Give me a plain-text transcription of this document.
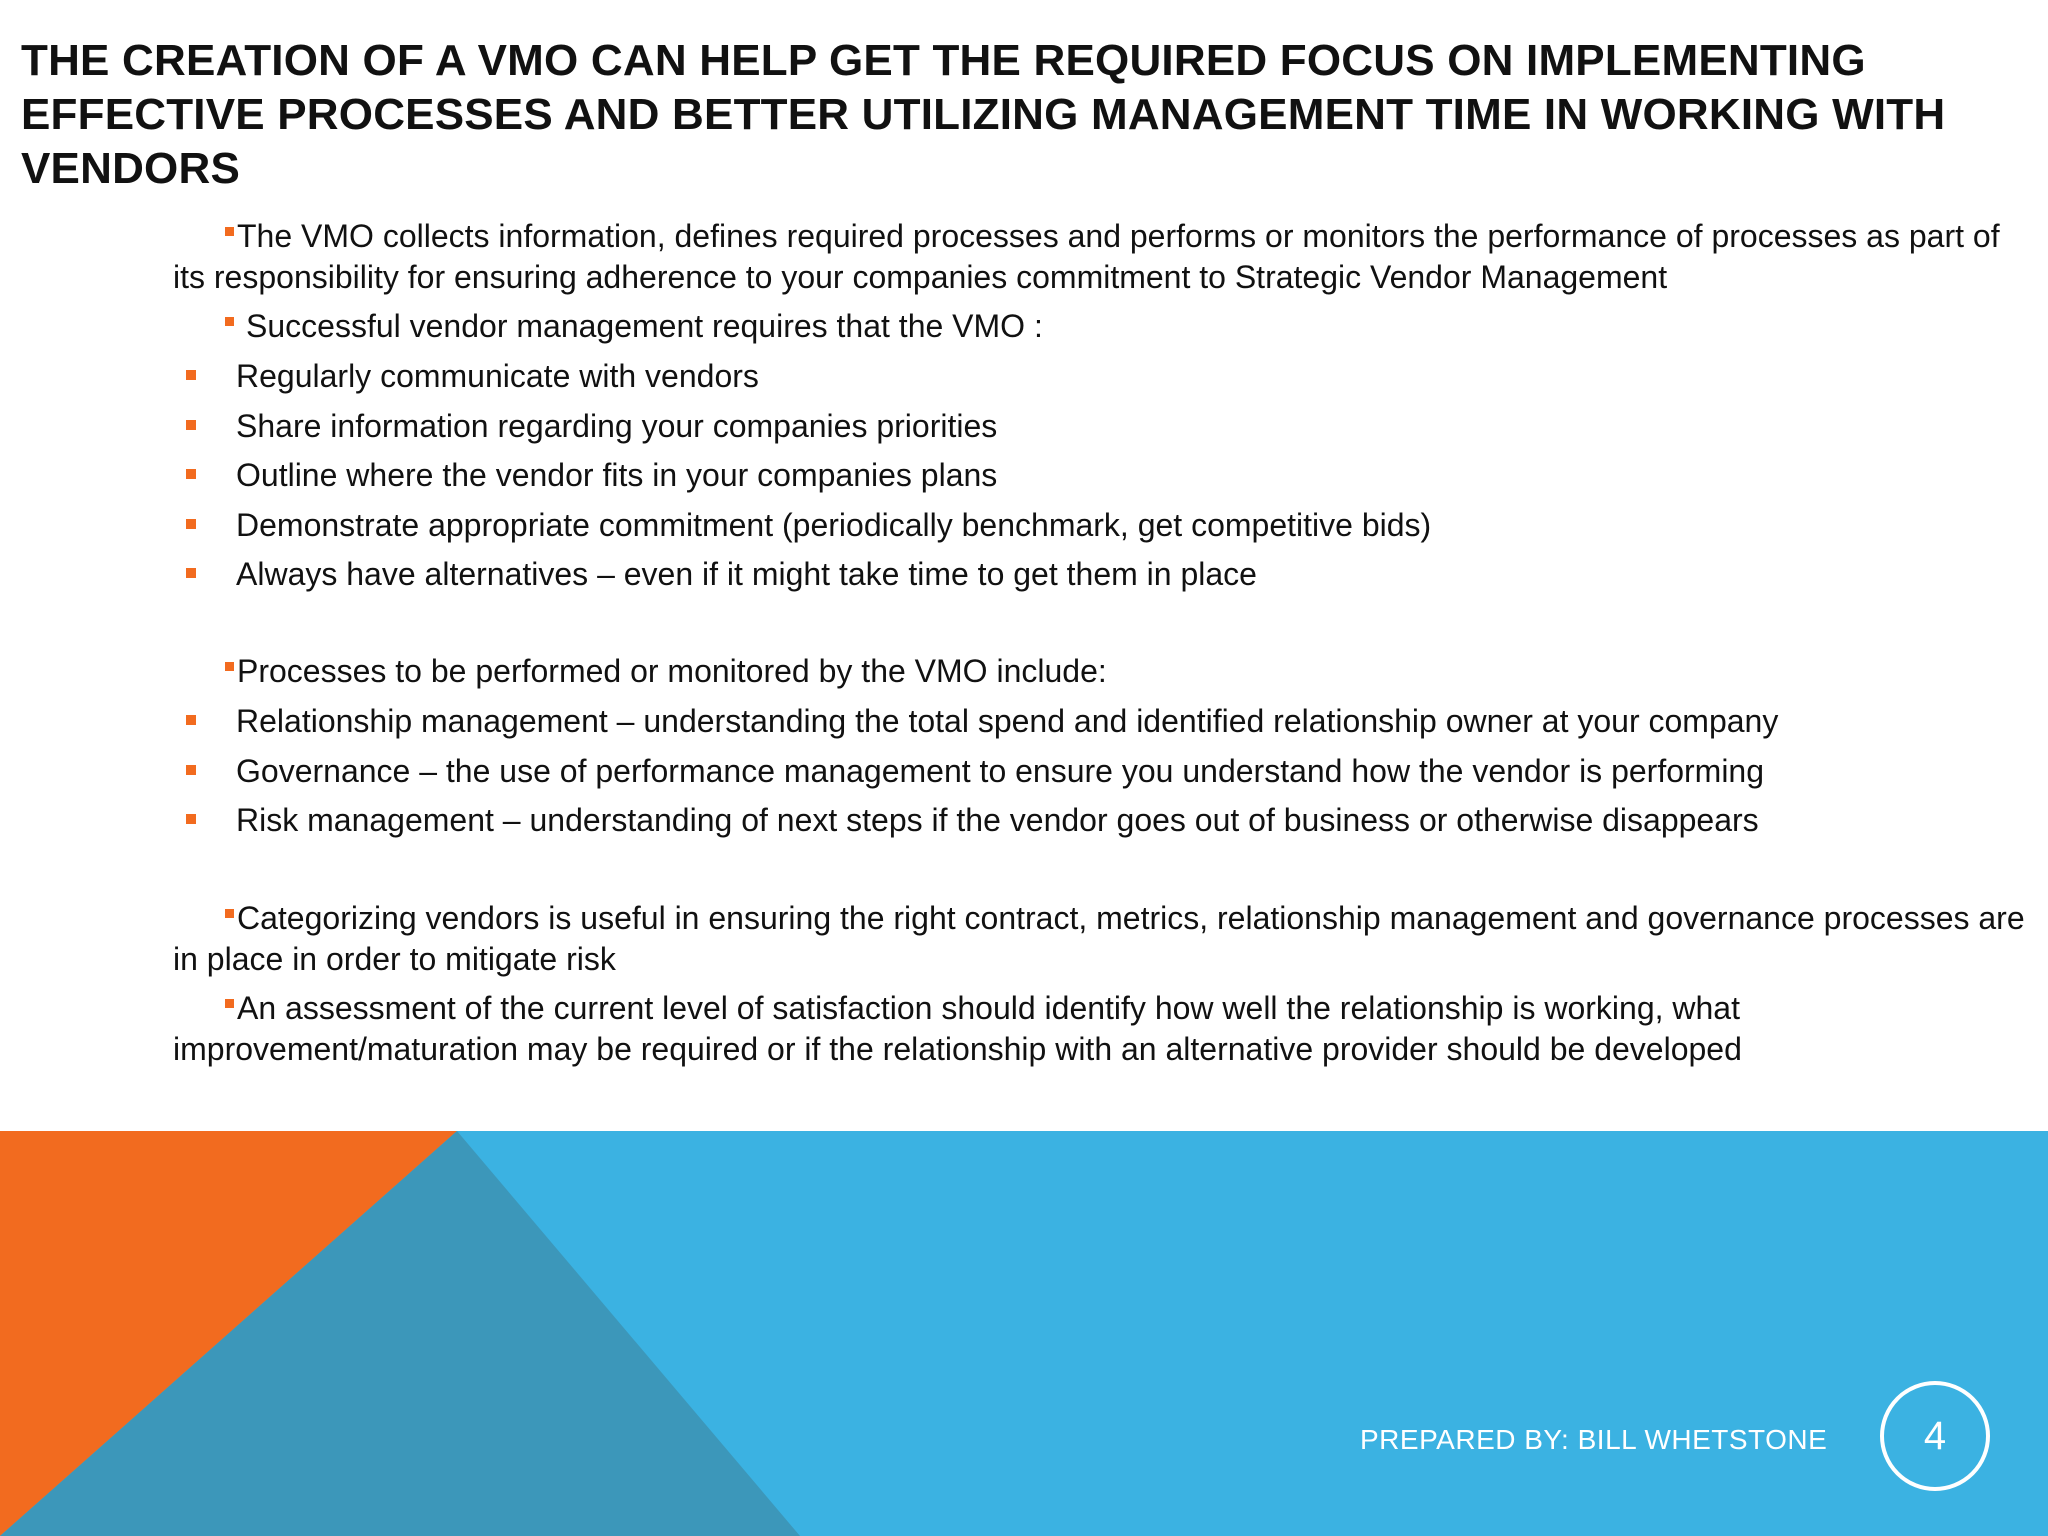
THE CREATION OF A VMO CAN HELP GET THE REQUIRED FOCUS ON IMPLEMENTING EFFECTIVE PROCESSES AND BETTER UTILIZING MANAGEMENT TIME IN WORKING WITH VENDORS

The VMO collects information, defines required processes and performs or monitors the performance of processes as part of its responsibility for ensuring adherence to your companies commitment to Strategic Vendor Management

Successful vendor management requires that the VMO :

Regularly communicate with vendors
Share information regarding your companies priorities
Outline where the vendor fits in your companies plans
Demonstrate appropriate commitment (periodically benchmark, get competitive bids)
Always have alternatives – even if it might take time to get them in place

Processes to be performed or monitored by the VMO include:

Relationship management – understanding the total spend and identified relationship owner at your company
Governance – the use of performance management to ensure you understand how the vendor is performing
Risk management – understanding of next steps if the vendor goes out of business or otherwise disappears

Categorizing vendors is useful in ensuring the right contract, metrics, relationship management and governance processes are in place in order to mitigate risk

An assessment of the current level of satisfaction should identify how well the relationship is working, what improvement/maturation may be required or if the relationship with an alternative provider should be developed

PREPARED BY: BILL WHETSTONE	4
